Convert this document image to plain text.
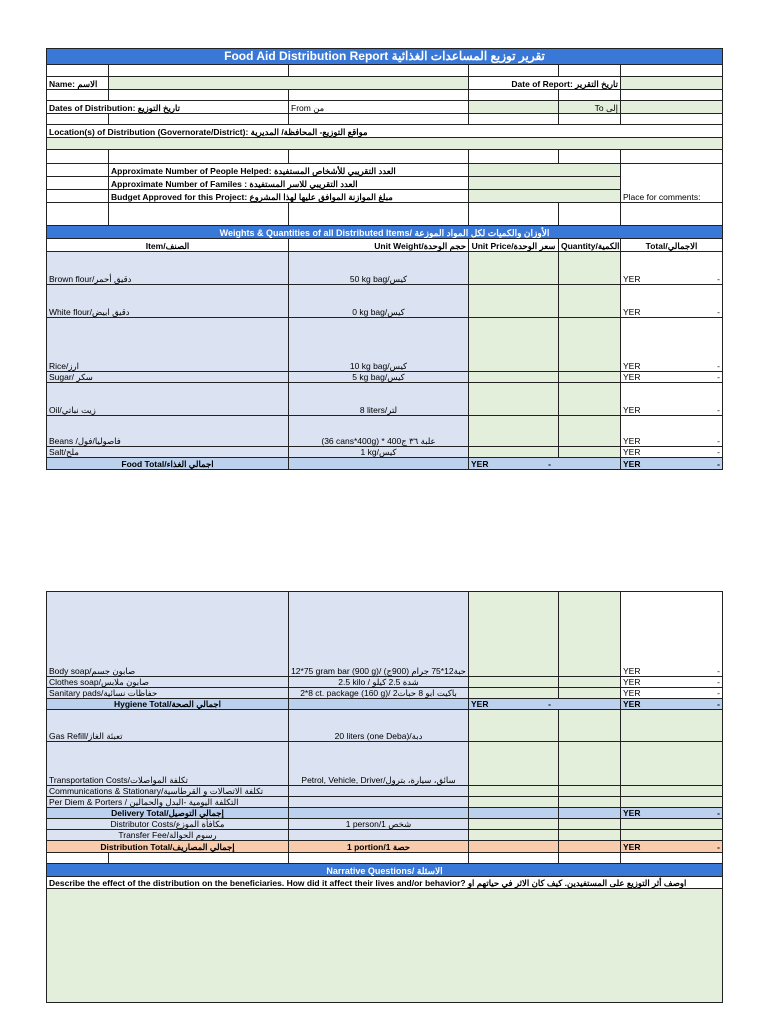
Food Aid Distribution Report تقرير توزيع المساعدات الغذائية					

Name: الاسم			Date of Report: تاريخ التقرير		

Dates of Distribution: تاريخ التوزيع		From من		To إلى	

Location(s) of Distribution (Governorate/District): مواقع التوزيع- المحافظة/ المديرية					

	Approximate Number of People Helped: العدد التقريبي للأشخاص المستفيدة				Place for comments:
	Approximate Number of Familes : العدد التقريبي للاسر المستفيدة				
	Budget Approved for this Project: مبلغ الموازنة الموافق عليها لهذا المشروع				

Weights & Quantities of all Distributed Items/ الأوزان والكميات لكل المواد الموزعة					
Item/الصنف		Unit Weight/حجم الوحدة	Unit Price/سعر الوحدة	Quantity/الكمية	Total/الاجمالي
Brown flour/دقيق أحمر		50 kg bag/كيس			YER -

White flour/دقيق ابيض		0 kg bag/كيس			YER -

Rice/ارز		10 kg bag/كيس			YER -

Sugar/ سكر		5 kg bag/كيس			YER -

Oil/زيت نباتي		8 liters/لتر			YER -

Beans /فاصوليا/فول		(36 cans*400g) * علبة ٣٦ ج400			YER -

Salt/ملح		1 kg/كيس			YER -

Food Total/اجمالي الغذاء			YER -		YER -
Body soap/صابون جسم		12*75 gram bar (900 g)/ حبة12*75 جرام (900ج)			YER -

Clothes soap/صابون ملابس		2.5 kilo / شدة 2.5 كيلو			YER -

Sanitary pads/حفاظات نسائية		2*8 ct. package (160 g)/ باكيت ابو 8 حبات2			YER -

Hygiene Total/اجمالي الصحة			YER -		YER -

Gas Refill/تعبئة الغاز		20 liters (one Deba)/دبة			
Transportation Costs/تكلفة المواصلات		Petrol, Vehicle, Driver/سائق، سيارة، بترول			
Communications & Stationary/تكلفة الاتصالات و القرطاسية					
Per Diem & Porters / التكلفة اليومية -البدل والحمالين					
Delivery Total/إجمالي التوصيل					YER -

Distributor Costs/مكافأة الموزع		1 person/1 شخص			
Transfer Fee/رسوم الحوالة					
Distribution Total/إجمالي المصاريف		1 portion/1 حصة			YER -

Narrative Questions/ الاسئلة					
Describe the effect of the distribution on the beneficiaries. How did it affect their lives and/or behavior? اوصف أثر التوزيع على المستفيدين. كيف كان الاثر في حياتهم او					
